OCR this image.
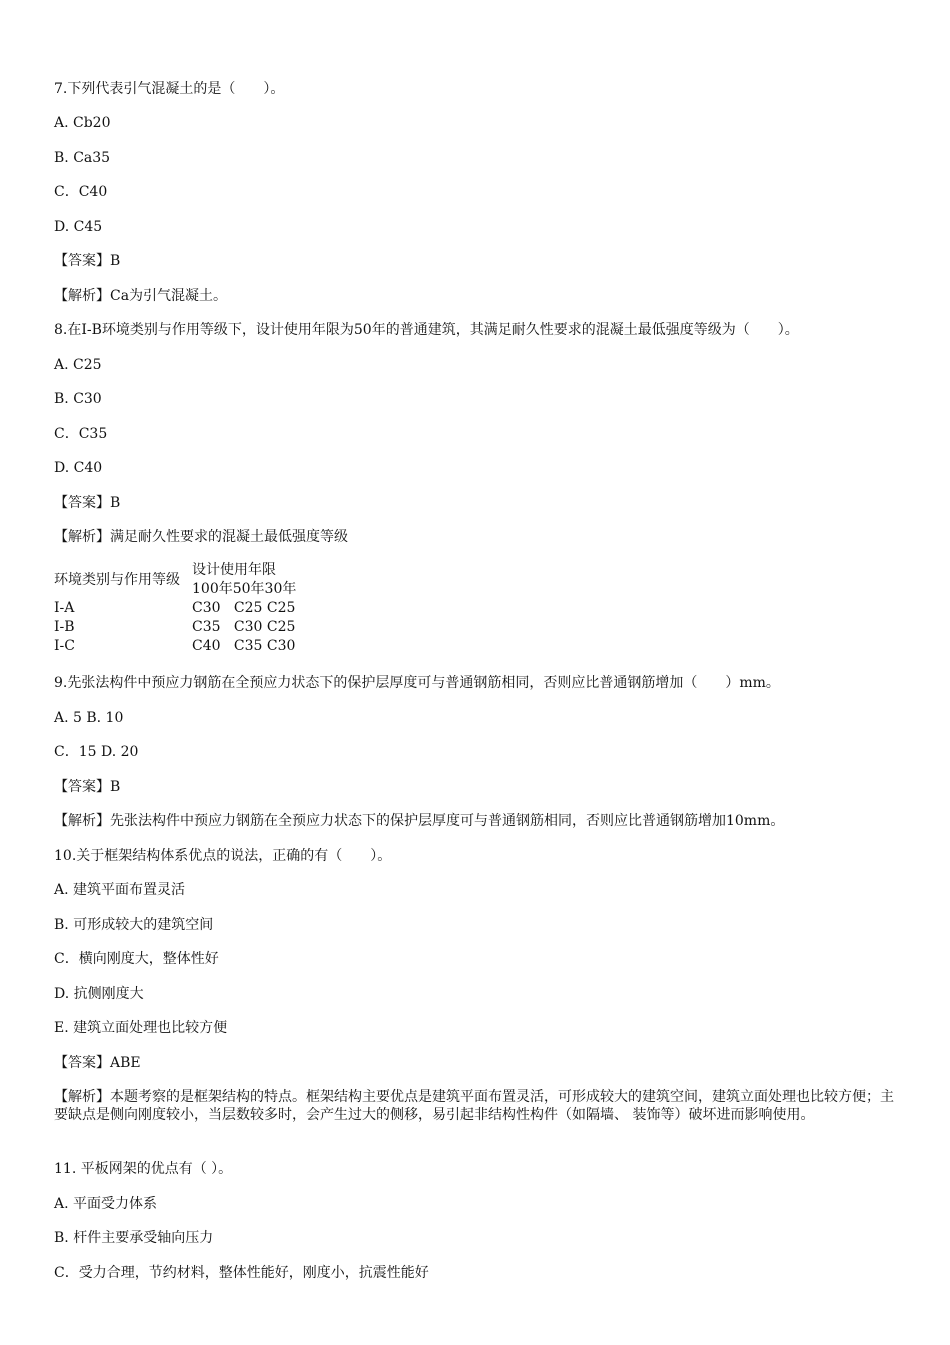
7.下列代表引气混凝土的是（　　）。
A. Cb20
B. Ca35
C．C40
D. C45
【答案】B
【解析】Ca为引气混凝土。
8.在I-B环境类别与作用等级下，设计使用年限为50年的普通建筑，其满足耐久性要求的混凝土最低强度等级为（　　）。
A. C25
B. C30
C．C35
D. C40
【答案】B
【解析】满足耐久性要求的混凝土最低强度等级
环境类别与作用等级
设计使用年限
100年50年30年
I-A	C30   C25 C25
I-B	C35   C30 C25
I-C	C40   C35 C30
9.先张法构件中预应力钢筋在全预应力状态下的保护层厚度可与普通钢筋相同，否则应比普通钢筋增加（　　）mm。
A. 5 B. 10
C．15 D. 20
【答案】B
【解析】先张法构件中预应力钢筋在全预应力状态下的保护层厚度可与普通钢筋相同，否则应比普通钢筋增加10mm。
10.关于框架结构体系优点的说法，正确的有（　　）。
A. 建筑平面布置灵活
B. 可形成较大的建筑空间
C．横向刚度大，整体性好
D. 抗侧刚度大
E. 建筑立面处理也比较方便
【答案】ABE
【解析】本题考察的是框架结构的特点。框架结构主要优点是建筑平面布置灵活，可形成较大的建筑空间，建筑立面处理也比较方便；主要缺点是侧向刚度较小，当层数较多时，会产生过大的侧移，易引起非结构性构件（如隔墙、 装饰等）破坏进而影响使用。
11. 平板网架的优点有（ ）。
A. 平面受力体系
B. 杆件主要承受轴向压力
C．受力合理，节约材料，整体性能好，刚度小，抗震性能好
